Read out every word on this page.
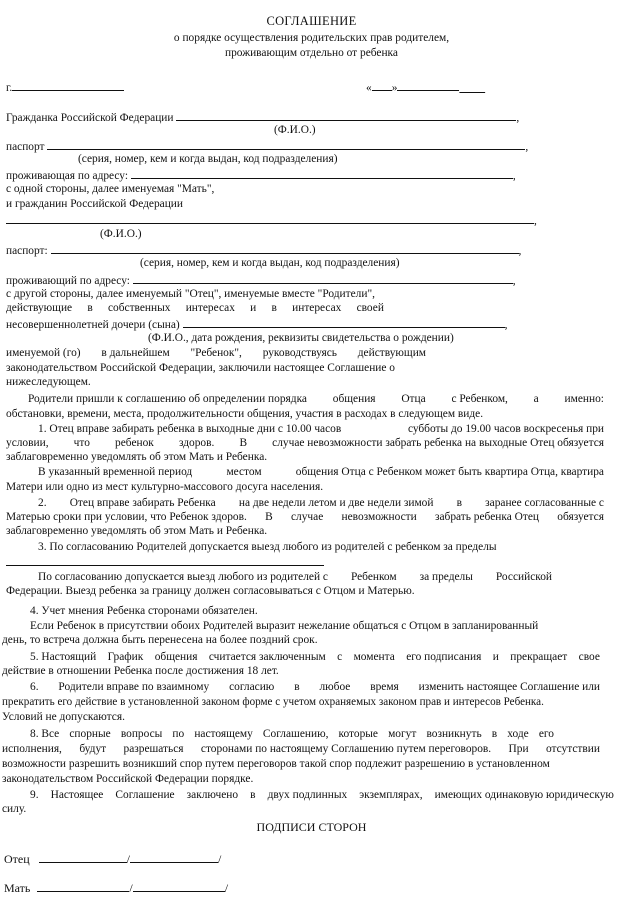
СОГЛАШЕНИЕ
о порядке осуществления родительских прав родителем,
проживающим отдельно от ребенка
г.	« »	____
Гражданка Российской Федерации	,
(Ф.И.О.)
паспорт	,
(серия, номер, кем и когда выдан, код подразделения)
проживающая по адресу:	,
с одной стороны, далее именуемая "Мать",
и гражданин Российской Федерации
,
(Ф.И.О.)
паспорт:	,
(серия, номер, кем и когда выдан, код подразделения)
проживающий по адресу:	,
с другой стороны, далее именуемый "Отец", именуемые вместе "Родители",
действующие в собственных интересах и в интересах своей
несовершеннолетней дочери (сына)	,
(Ф.И.О., дата рождения, реквизиты свидетельства о рождении)
именуемой (го) в дальнейшем "Ребенок", руководствуясь действующим
законодательством Российской Федерации, заключили настоящее Соглашение о
нижеследующем.
Родители пришли к соглашению об определении порядка общения Отца с Ребенком, а именно:
обстановки, времени, места, продолжительности общения, участия в расходах в следующем виде.
1. Отец вправе забирать ребенка в выходные дни с 10.00 часов	субботы до 19.00 часов воскресенья при
условии, что ребенок здоров. В случае невозможности забрать ребенка на выходные Отец обязуется
заблаговременно уведомлять об этом Мать и Ребенка.
В указанный временной период	местом	общения Отца с Ребенком может быть квартира Отца, квартира
Матери или одно из мест культурно-массового досуга населения.
2. Отец вправе забирать Ребенка на две недели летом и две недели зимой в заранее согласованные с
Матерью сроки при условии, что Ребенок здоров. В случае невозможности забрать ребенка Отец обязуется
заблаговременно уведомлять об этом Мать и Ребенка.
3. По согласованию Родителей допускается выезд любого из родителей с ребенком за пределы
По согласованию допускается выезд любого из родителей с Ребенком за пределы Российской
Федерации. Выезд ребенка за границу должен согласовываться с Отцом и Матерью.
4. Учет мнения Ребенка сторонами обязателен.
Если Ребенок в присутствии обоих Родителей выразит нежелание общаться с Отцом в запланированный
день, то встреча должна быть перенесена на более поздний срок.
5. Настоящий График общения считается заключенным с момента его подписания и прекращает свое
действие в отношении Ребенка после достижения 18 лет.
6. Родители вправе по взаимному согласию в любое время изменить настоящее Соглашение или
прекратить его действие в установленной законом форме с учетом охраняемых законом прав и интересов Ребенка.
Условий не допускаются.
8. Все спорные вопросы по настоящему Соглашению, которые могут возникнуть в ходе его
исполнения, будут разрешаться сторонами по настоящему Соглашению путем переговоров. При отсутствии
возможности разрешить возникший спор путем переговоров такой спор подлежит разрешению в установленном
законодательством Российской Федерации порядке.
9. Настоящее Соглашение заключено в двух подлинных экземплярах, имеющих одинаковую юридическую
силу.
ПОДПИСИ СТОРОН
Отец	/	/
Мать	/	/
